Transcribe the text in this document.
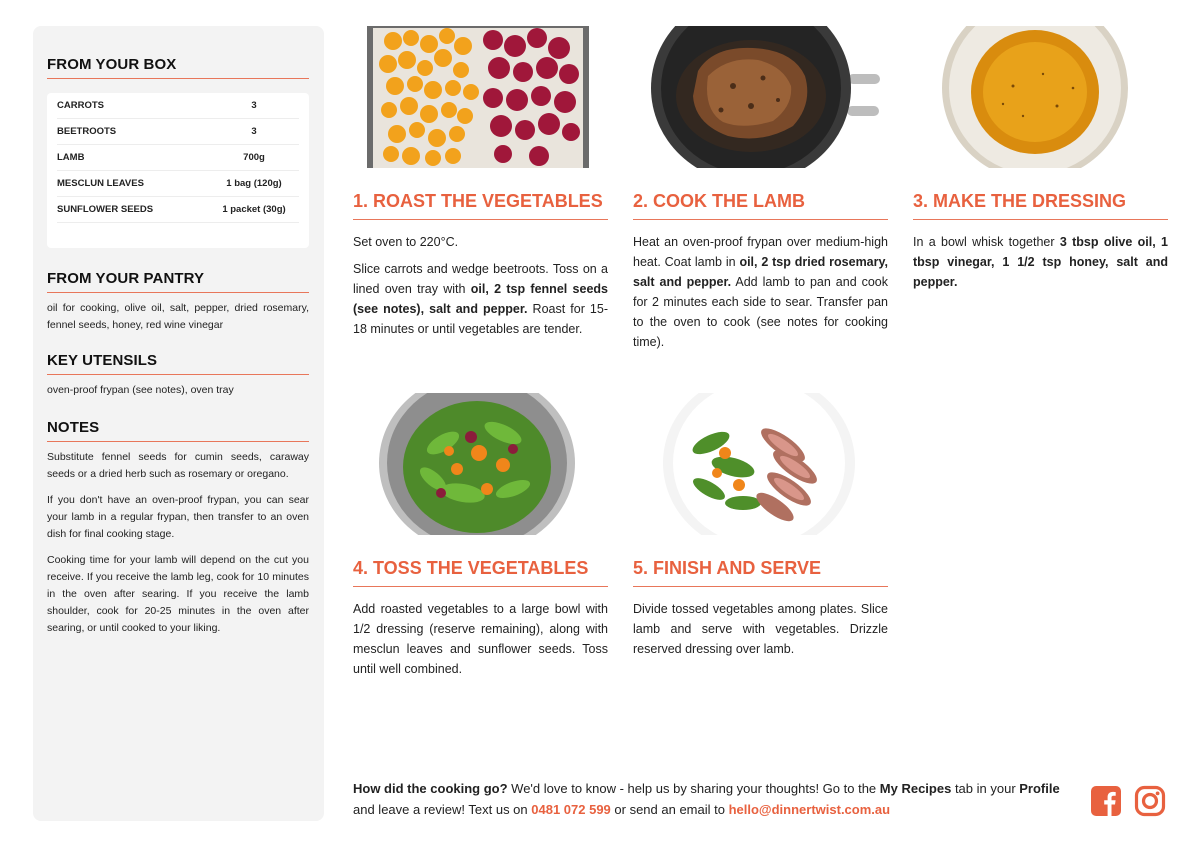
FROM YOUR BOX
CARROTS	3
BEETROOTS	3
LAMB	700g
MESCLUN LEAVES	1 bag (120g)
SUNFLOWER SEEDS	1 packet (30g)
FROM YOUR PANTRY

oil for cooking, olive oil, salt, pepper, dried rosemary, fennel seeds, honey, red wine vinegar

KEY UTENSILS

oven-proof frypan (see notes), oven tray

NOTES

Substitute fennel seeds for cumin seeds, caraway seeds or a dried herb such as rosemary or oregano.

If you don't have an oven-proof frypan, you can sear your lamb in a regular frypan, then transfer to an oven dish for final cooking stage.

Cooking time for your lamb will depend on the cut you receive. If you receive the lamb leg, cook for 10 minutes in the oven after searing. If you receive the lamb shoulder, cook for 20-25 minutes in the oven after searing, or until cooked to your liking.

1. ROAST THE VEGETABLES

Set oven to 220°C.

Slice carrots and wedge beetroots. Toss on a lined oven tray with oil, 2 tsp fennel seeds (see notes), salt and pepper. Roast for 15-18 minutes or until vegetables are tender.

2. COOK THE LAMB

Heat an oven-proof frypan over medium-high heat. Coat lamb in oil, 2 tsp dried rosemary, salt and pepper. Add lamb to pan and cook for 2 minutes each side to sear. Transfer pan to the oven to cook (see notes for cooking time).

3. MAKE THE DRESSING

In a bowl whisk together 3 tbsp olive oil, 1 tbsp vinegar, 1 1/2 tsp honey, salt and pepper.

4. TOSS THE VEGETABLES

Add roasted vegetables to a large bowl with 1/2 dressing (reserve remaining), along with mesclun leaves and sunflower seeds. Toss until well combined.

5. FINISH AND SERVE

Divide tossed vegetables among plates. Slice lamb and serve with vegetables. Drizzle reserved dressing over lamb.

How did the cooking go? We'd love to know - help us by sharing your thoughts! Go to the My Recipes tab in your Profile and leave a review! Text us on 0481 072 599 or send an email to hello@dinnertwist.com.au
